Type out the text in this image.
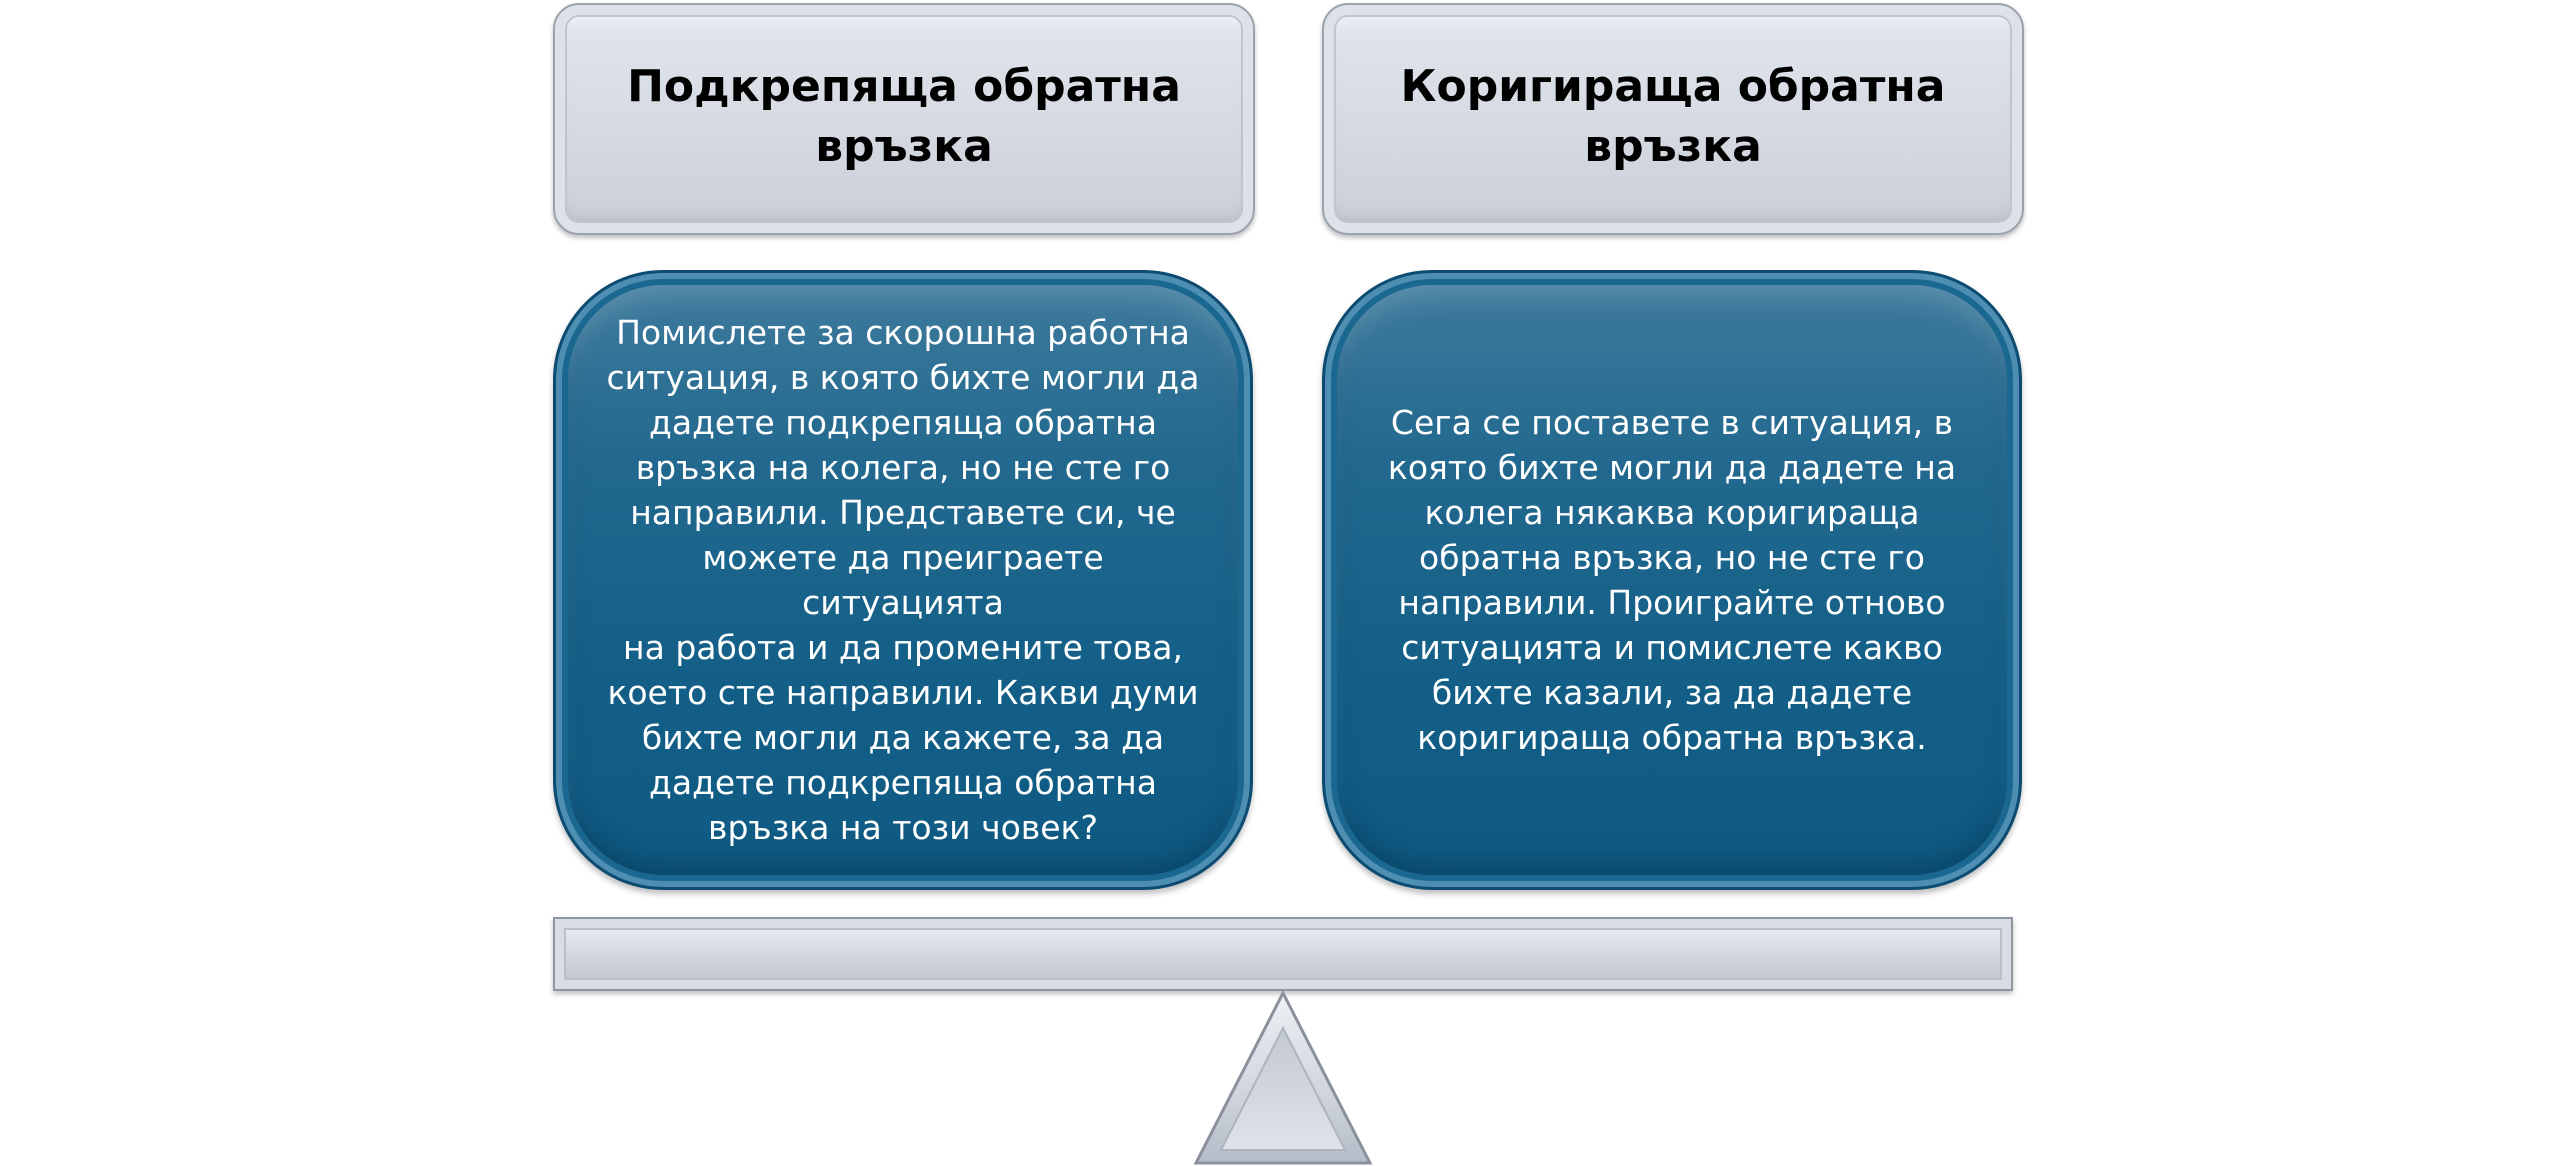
Подкрепяща обратна връзка
Коригираща обратна връзка
Помислете за скорошна работна
ситуация, в която бихте могли да
дадете подкрепяща обратна
връзка на колега, но не сте го
направили. Представете си, че
можете да преиграете ситуацията
на работа и да промените това,
което сте направили. Какви думи
бихте могли да кажете, за да
дадете подкрепяща обратна
връзка на този човек?
Сега се поставете в ситуация, в
която бихте могли да дадете на
колега някаква коригираща
обратна връзка, но не сте го
направили. Проиграйте отново
ситуацията и помислете какво
бихте казали, за да дадете
коригираща обратна връзка.
